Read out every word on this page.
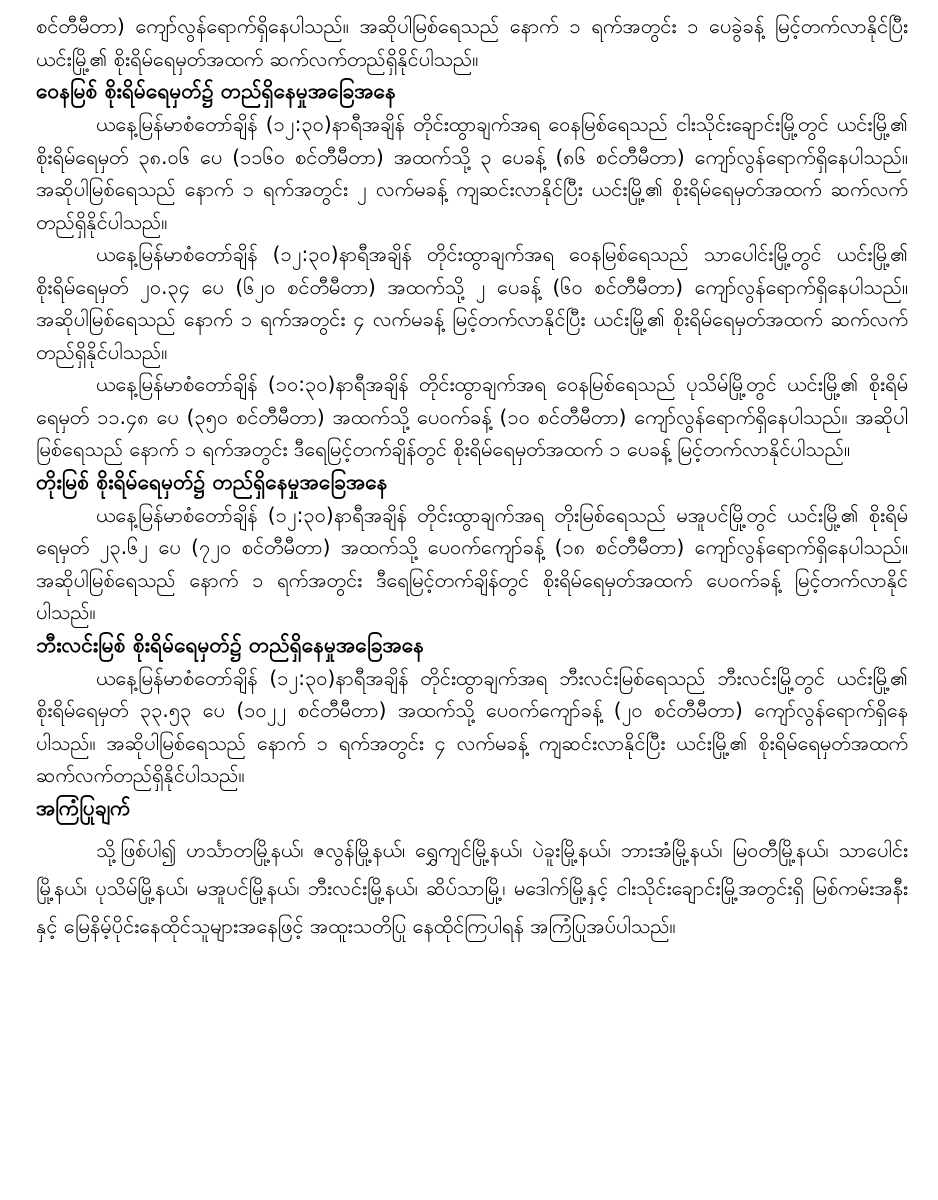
စင်တီမီတာ) ကျော်လွန်ရောက်ရှိနေပါသည်။ အဆိုပါမြစ်ရေသည် နောက် ၁ ရက်အတွင်း ၁ ပေခွဲခန့် မြင့်တက်လာနိုင်ပြီး ယင်းမြို့၏ စိုးရိမ်ရေမှတ်အထက် ဆက်လက်တည်ရှိနိုင်ပါသည်။

ဝေနမြစ် စိုးရိမ်ရေမှတ်၌ တည်ရှိနေမှုအခြေအနေ

ယနေ့မြန်မာစံတော်ချိန် (၁၂:၃၀)နာရီအချိန် တိုင်းထွာချက်အရ ဝေနမြစ်ရေသည် ငါးသိုင်းချောင်းမြို့တွင် ယင်းမြို့၏ စိုးရိမ်ရေမှတ် ၃၈.၀၆ ပေ (၁၁၆၀ စင်တီမီတာ) အထက်သို့ ၃ ပေခန့် (၈၆ စင်တီမီတာ) ကျော်လွန်ရောက်ရှိနေပါသည်။ အဆိုပါမြစ်ရေသည် နောက် ၁ ရက်အတွင်း ၂ လက်မခန့် ကျဆင်းလာနိုင်ပြီး ယင်းမြို့၏ စိုးရိမ်ရေမှတ်အထက် ဆက်လက်တည်ရှိနိုင်ပါသည်။

ယနေ့မြန်မာစံတော်ချိန် (၁၂:၃၀)နာရီအချိန် တိုင်းထွာချက်အရ ဝေနမြစ်ရေသည် သာပေါင်းမြို့တွင် ယင်းမြို့၏ စိုးရိမ်ရေမှတ် ၂၀.၃၄ ပေ (၆၂၀ စင်တီမီတာ) အထက်သို့ ၂ ပေခန့် (၆၀ စင်တီမီတာ) ကျော်လွန်ရောက်ရှိနေပါသည်။ အဆိုပါမြစ်ရေသည် နောက် ၁ ရက်အတွင်း ၄ လက်မခန့် မြင့်တက်လာနိုင်ပြီး ယင်းမြို့၏ စိုးရိမ်ရေမှတ်အထက် ဆက်လက်တည်ရှိနိုင်ပါသည်။

ယနေ့မြန်မာစံတော်ချိန် (၁၀:၃၀)နာရီအချိန် တိုင်းထွာချက်အရ ဝေနမြစ်ရေသည် ပုသိမ်မြို့တွင် ယင်းမြို့၏ စိုးရိမ်ရေမှတ် ၁၁.၄၈ ပေ (၃၅၀ စင်တီမီတာ) အထက်သို့ ပေဝက်ခန့် (၁၀ စင်တီမီတာ) ကျော်လွန်ရောက်ရှိနေပါသည်။ အဆိုပါမြစ်ရေသည် နောက် ၁ ရက်အတွင်း ဒီရေမြင့်တက်ချိန်တွင် စိုးရိမ်ရေမှတ်အထက် ၁ ပေခန့် မြင့်တက်လာနိုင်ပါသည်။

တိုးမြစ် စိုးရိမ်ရေမှတ်၌ တည်ရှိနေမှုအခြေအနေ

ယနေ့မြန်မာစံတော်ချိန် (၁၂:၃၀)နာရီအချိန် တိုင်းထွာချက်အရ တိုးမြစ်ရေသည် မအူပင်မြို့တွင် ယင်းမြို့၏ စိုးရိမ်ရေမှတ် ၂၃.၆၂ ပေ (၇၂၀ စင်တီမီတာ) အထက်သို့ ပေဝက်ကျော်ခန့် (၁၈ စင်တီမီတာ) ကျော်လွန်ရောက်ရှိနေပါသည်။ အဆိုပါမြစ်ရေသည် နောက် ၁ ရက်အတွင်း ဒီရေမြင့်တက်ချိန်တွင် စိုးရိမ်ရေမှတ်အထက် ပေဝက်ခန့် မြင့်တက်လာနိုင်ပါသည်။

ဘီးလင်းမြစ် စိုးရိမ်ရေမှတ်၌ တည်ရှိနေမှုအခြေအနေ

ယနေ့မြန်မာစံတော်ချိန် (၁၂:၃၀)နာရီအချိန် တိုင်းထွာချက်အရ ဘီးလင်းမြစ်ရေသည် ဘီးလင်းမြို့တွင် ယင်းမြို့၏ စိုးရိမ်ရေမှတ် ၃၃.၅၃ ပေ (၁၀၂၂ စင်တီမီတာ) အထက်သို့ ပေဝက်ကျော်ခန့် (၂၀ စင်တီမီတာ) ကျော်လွန်ရောက်ရှိနေပါသည်။ အဆိုပါမြစ်ရေသည် နောက် ၁ ရက်အတွင်း ၄ လက်မခန့် ကျဆင်းလာနိုင်ပြီး ယင်းမြို့၏ စိုးရိမ်ရေမှတ်အထက် ဆက်လက်တည်ရှိနိုင်ပါသည်။

အကြံပြုချက်

သို့ဖြစ်ပါ၍ ဟင်္သာတမြို့နယ်၊ ဇလွန်မြို့နယ်၊ ရွှေကျင်မြို့နယ်၊ ပဲခူးမြို့နယ်၊ ဘားအံမြို့နယ်၊ မြဝတီမြို့နယ်၊ သာပေါင်းမြို့နယ်၊ ပုသိမ်မြို့နယ်၊ မအူပင်မြို့နယ်၊ ဘီးလင်းမြို့နယ်၊ ဆိပ်သာမြို့၊ မဒေါက်မြို့နှင့် ငါးသိုင်းချောင်းမြို့အတွင်းရှိ မြစ်ကမ်းအနီးနှင့် မြေနိမ့်ပိုင်းနေထိုင်သူများအနေဖြင့် အထူးသတိပြု နေထိုင်ကြပါရန် အကြံပြုအပ်ပါသည်။
